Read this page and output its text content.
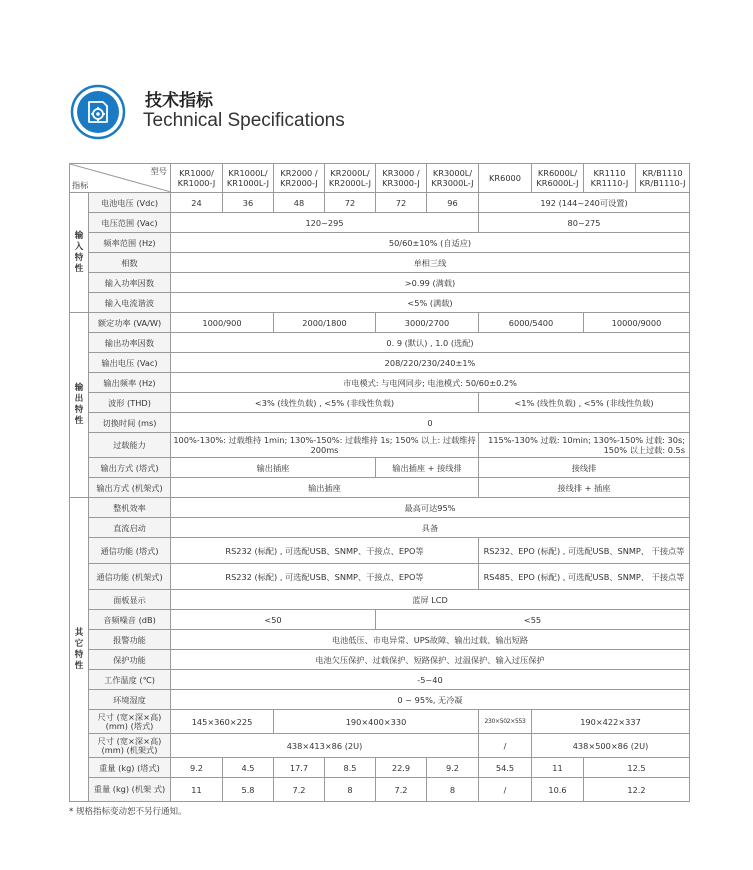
技术指标
Technical Specifications
型号
指标		KR1000/ KR1000-J	KR1000L/ KR1000L-J	KR2000 / KR2000-J	KR2000L/ KR2000L-J	KR3000 / KR3000-J	KR3000L/ KR3000L-J	KR6000	KR6000L/ KR6000L-J	KR1110 KR1110-J	KR/B1110 KR/B1110-J
输 入 特 性	电池电压 (Vdc)	24	36	48	72	72	96	192 (144~240可设置)			
	电压范围 (Vac)	120~295						80~275			
	频率范围 (Hz)	50/60±10% (自适应)									
	相数	单相三线									
	输入功率因数	>0.99 (满载)									
	输入电流谐波	<5% (满载)									
输 出 特 性	额定功率 (VA/W)	1000/900		2000/1800		3000/2700		6000/5400		10000/9000	
	输出功率因数	0. 9 (默认) , 1.0 (选配)									
	输出电压 (Vac)	208/220/230/240±1%									
	输出频率 (Hz)	市电模式: 与电网同步; 电池模式: 50/60±0.2%									
	波形 (THD)	<3% (线性负载) , <5% (非线性负载)						<1% (线性负载) , <5% (非线性负载)			
	切换时间 (ms)	0									
	过载能力	100%-130%: 过载维持 1min; 130%-150%: 过载维持 1s; 150% 以上: 过载维持 200ms						115%-130% 过载: 10min; 130%-150% 过载: 30s; 150% 以上过载: 0.5s			
	输出方式 (塔式)	输出插座				输出插座 + 接线排		接线排			
	输出方式 (机架式)	输出插座						接线排 + 插座			
其 它 特 性	整机效率	最高可达95%									
	直流启动	具备									
	通信功能 (塔式)	RS232 (标配) , 可选配USB、SNMP、干接点、EPO等						RS232、EPO (标配) , 可选配USB、SNMP、 干接点等			
	通信功能 (机架式)	RS232 (标配) , 可选配USB、SNMP、干接点、EPO等						RS485、EPO (标配) , 可选配USB、SNMP、 干接点等			
	面板显示	蓝屏 LCD									
	音频噪音 (dB)	<50				<55					
	报警功能	电池低压、市电异常、UPS故障、输出过载、输出短路									
	保护功能	电池欠压保护、过载保护、短路保护、过温保护、输入过压保护									
	工作温度 (℃)	-5~40									
	环境湿度	0 ~ 95%, 无冷凝									
	尺寸 (宽×深×高) (mm) (塔式)	145×360×225		190×400×330				230×502×553	190×422×337		
	尺寸 (宽×深×高) (mm) (机架式)	438×413×86 (2U)						/	438×500×86 (2U)		
	重量 (kg) (塔式)	9.2	4.5	17.7	8.5	22.9	9.2	54.5	11	12.5	
	重量 (kg) (机架 式)	11	5.8	7.2	8	7.2	8	/	10.6	12.2	
* 规格指标变动恕不另行通知。
